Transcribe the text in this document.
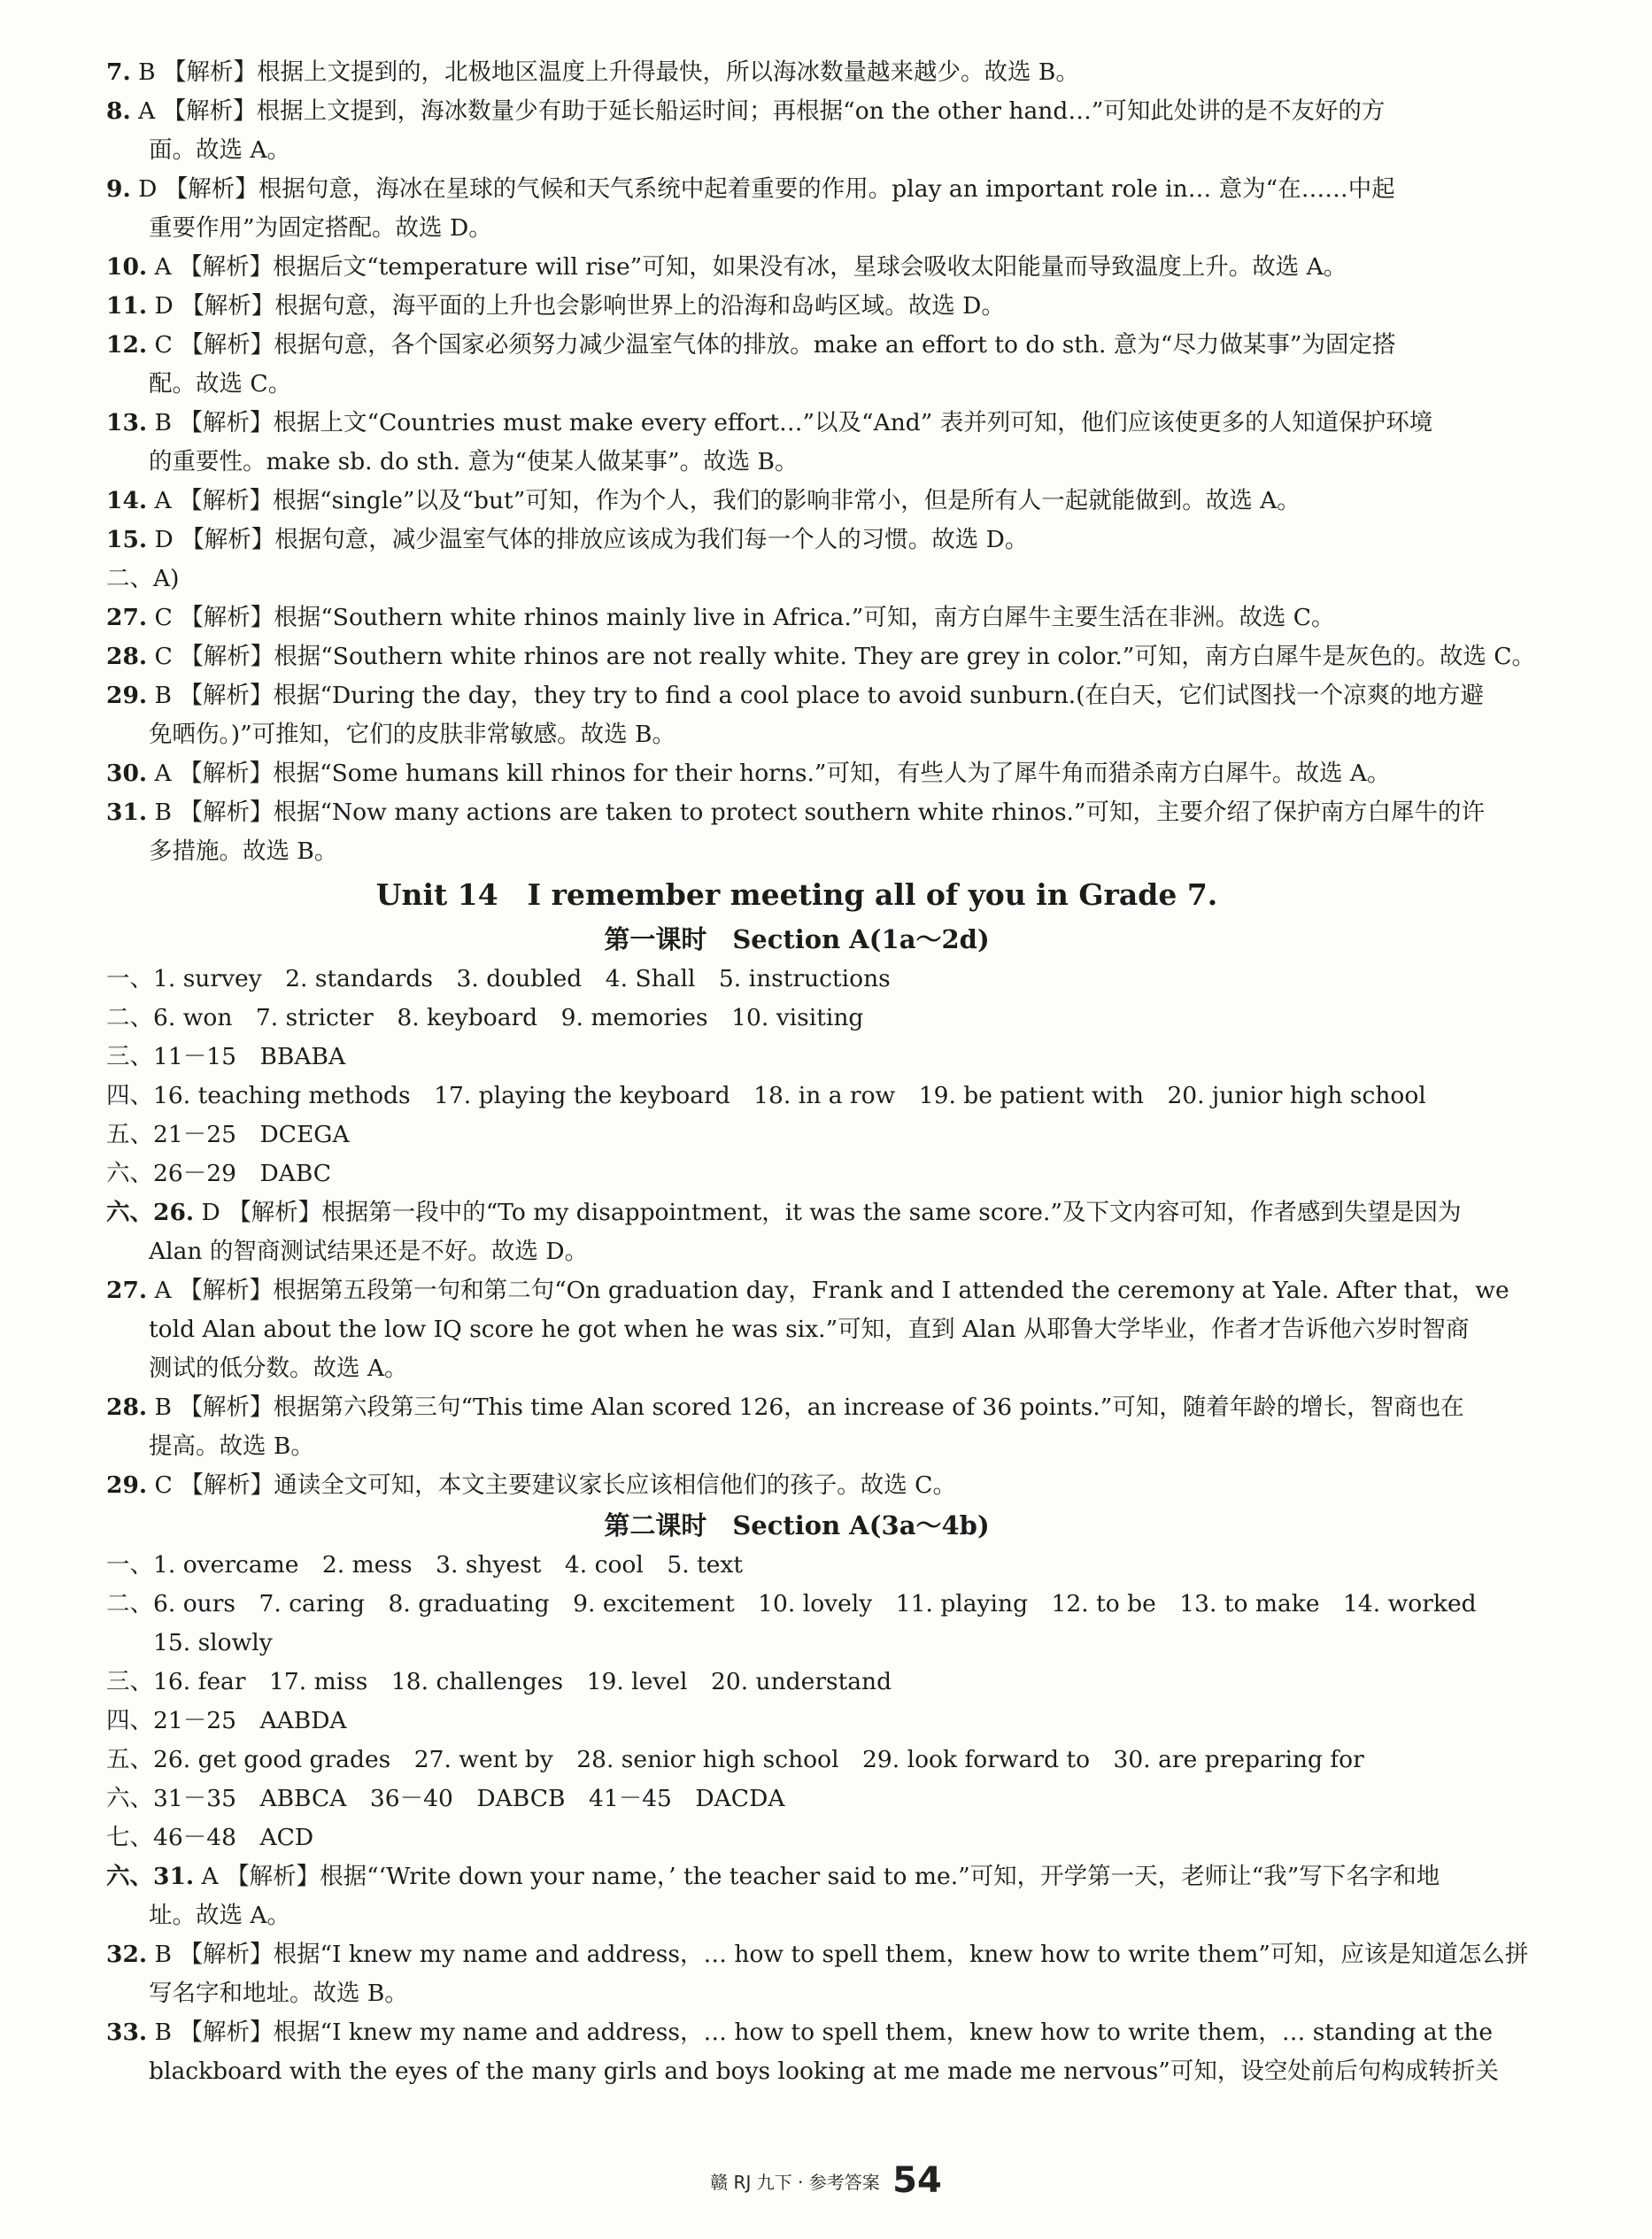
7. B 【解析】根据上文提到的，北极地区温度上升得最快，所以海冰数量越来越少。故选 B。
8. A 【解析】根据上文提到，海冰数量少有助于延长船运时间；再根据“on the other hand…”可知此处讲的是不友好的方
面。故选 A。
9. D 【解析】根据句意，海冰在星球的气候和天气系统中起着重要的作用。play an important role in… 意为“在……中起
重要作用”为固定搭配。故选 D。
10. A 【解析】根据后文“temperature will rise”可知，如果没有冰，星球会吸收太阳能量而导致温度上升。故选 A。
11. D 【解析】根据句意，海平面的上升也会影响世界上的沿海和岛屿区域。故选 D。
12. C 【解析】根据句意，各个国家必须努力减少温室气体的排放。make an effort to do sth. 意为“尽力做某事”为固定搭
配。故选 C。
13. B 【解析】根据上文“Countries must make every effort…”以及“And” 表并列可知，他们应该使更多的人知道保护环境
的重要性。make sb. do sth. 意为“使某人做某事”。故选 B。
14. A 【解析】根据“single”以及“but”可知，作为个人，我们的影响非常小，但是所有人一起就能做到。故选 A。
15. D 【解析】根据句意，减少温室气体的排放应该成为我们每一个人的习惯。故选 D。
二、A)
27. C 【解析】根据“Southern white rhinos mainly live in Africa.”可知，南方白犀牛主要生活在非洲。故选 C。
28. C 【解析】根据“Southern white rhinos are not really white. They are grey in color.”可知，南方白犀牛是灰色的。故选 C。
29. B 【解析】根据“During the day，they try to find a cool place to avoid sunburn.(在白天，它们试图找一个凉爽的地方避
免晒伤。)”可推知，它们的皮肤非常敏感。故选 B。
30. A 【解析】根据“Some humans kill rhinos for their horns.”可知，有些人为了犀牛角而猎杀南方白犀牛。故选 A。
31. B 【解析】根据“Now many actions are taken to protect southern white rhinos.”可知，主要介绍了保护南方白犀牛的许
多措施。故选 B。
Unit 14　I remember meeting all of you in Grade 7.
第一课时　Section A(1a～2d)
一、1. survey　2. standards　3. doubled　4. Shall　5. instructions
二、6. won　7. stricter　8. keyboard　9. memories　10. visiting
三、11－15　BBABA
四、16. teaching methods　17. playing the keyboard　18. in a row　19. be patient with　20. junior high school
五、21－25　DCEGA
六、26－29　DABC
六、26. D 【解析】根据第一段中的“To my disappointment，it was the same score.”及下文内容可知，作者感到失望是因为
Alan 的智商测试结果还是不好。故选 D。
27. A 【解析】根据第五段第一句和第二句“On graduation day，Frank and I attended the ceremony at Yale. After that，we
told Alan about the low IQ score he got when he was six.”可知，直到 Alan 从耶鲁大学毕业，作者才告诉他六岁时智商
测试的低分数。故选 A。
28. B 【解析】根据第六段第三句“This time Alan scored 126，an increase of 36 points.”可知，随着年龄的增长，智商也在
提高。故选 B。
29. C 【解析】通读全文可知，本文主要建议家长应该相信他们的孩子。故选 C。
第二课时　Section A(3a～4b)
一、1. overcame　2. mess　3. shyest　4. cool　5. text
二、6. ours　7. caring　8. graduating　9. excitement　10. lovely　11. playing　12. to be　13. to make　14. worked
　　15. slowly
三、16. fear　17. miss　18. challenges　19. level　20. understand
四、21－25　AABDA
五、26. get good grades　27. went by　28. senior high school　29. look forward to　30. are preparing for
六、31－35　ABBCA　36－40　DABCB　41－45　DACDA
七、46－48　ACD
六、31. A 【解析】根据“‘Write down your name，’ the teacher said to me.”可知，开学第一天，老师让“我”写下名字和地
址。故选 A。
32. B 【解析】根据“I knew my name and address，… how to spell them，knew how to write them”可知，应该是知道怎么拼
写名字和地址。故选 B。
33. B 【解析】根据“I knew my name and address，… how to spell them，knew how to write them，… standing at the
blackboard with the eyes of the many girls and boys looking at me made me nervous”可知，设空处前后句构成转折关
赣 RJ 九下 · 参考答案 54
